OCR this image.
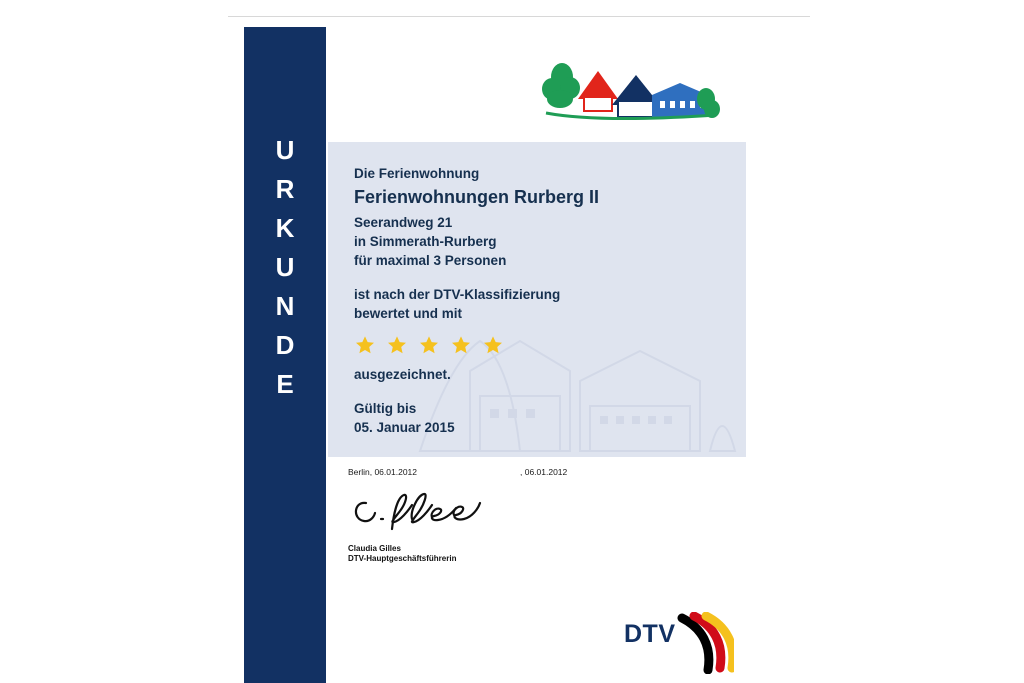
URKUNDE	Die Ferienwohnung
Ferienwohnungen Rurberg II
Seerandweg 21
in Simmerath-Rurberg
für maximal 3 Personen
ist nach der DTV-Klassifizierung
bewertet und mit
ausgezeichnet.
Gültig bis
05. Januar 2015
Berlin, 06.01.2012	, 06.01.2012
Claudia Gilles
DTV-Hauptgeschäftsführerin
DTV
